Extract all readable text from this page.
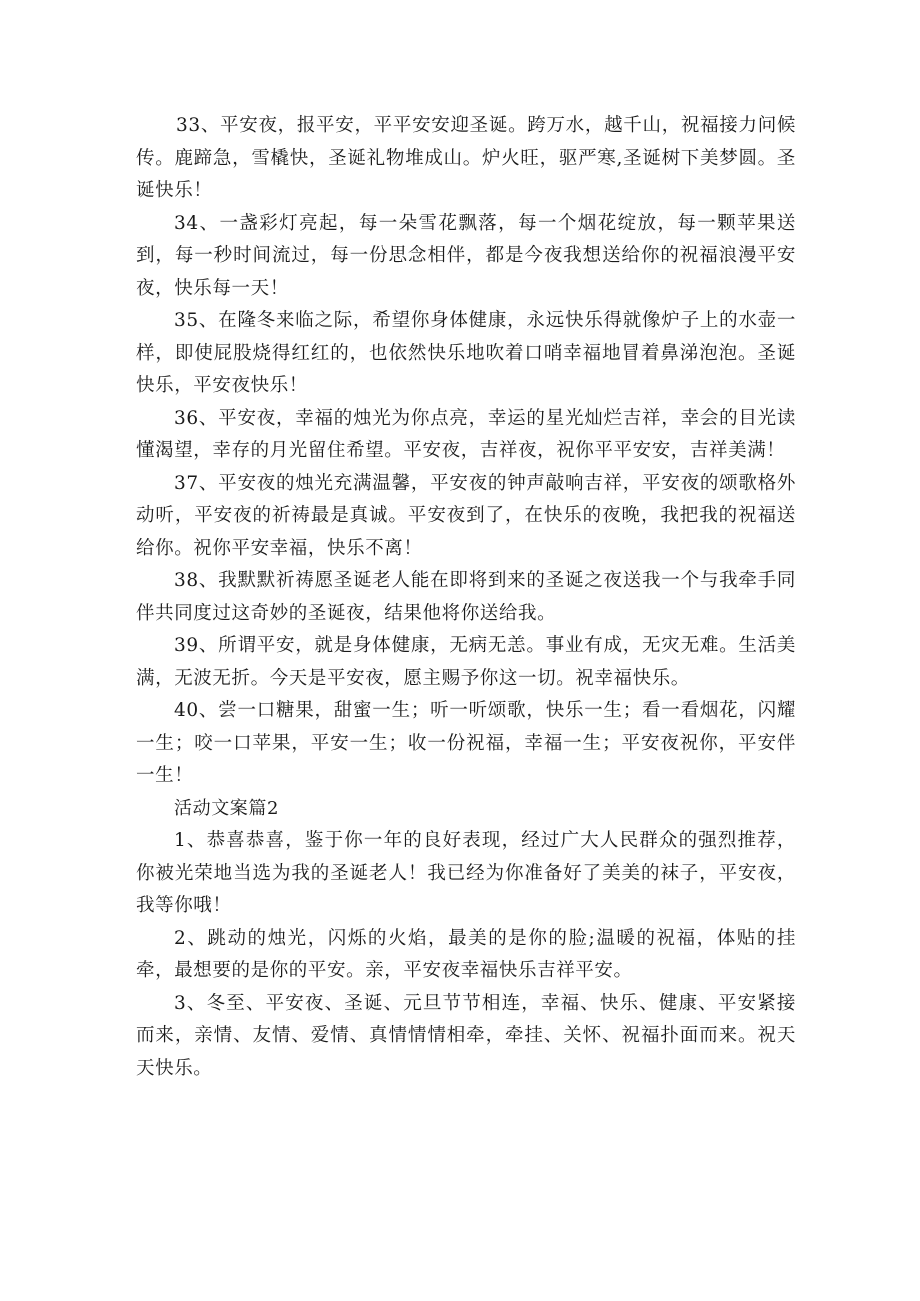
33、平安夜，报平安，平平安安迎圣诞。跨万水，越千山，祝福接力问候传。鹿蹄急，雪橇快，圣诞礼物堆成山。炉火旺，驱严寒,圣诞树下美梦圆。圣诞快乐！

34、一盏彩灯亮起，每一朵雪花飘落，每一个烟花绽放，每一颗苹果送到，每一秒时间流过，每一份思念相伴，都是今夜我想送给你的祝福浪漫平安夜，快乐每一天！

35、在隆冬来临之际，希望你身体健康，永远快乐得就像炉子上的水壶一样，即使屁股烧得红红的，也依然快乐地吹着口哨幸福地冒着鼻涕泡泡。圣诞快乐，平安夜快乐！

36、平安夜，幸福的烛光为你点亮，幸运的星光灿烂吉祥，幸会的目光读懂渴望，幸存的月光留住希望。平安夜，吉祥夜，祝你平平安安，吉祥美满！

37、平安夜的烛光充满温馨，平安夜的钟声敲响吉祥，平安夜的颂歌格外动听，平安夜的祈祷最是真诚。平安夜到了，在快乐的夜晚，我把我的祝福送给你。祝你平安幸福，快乐不离！

38、我默默祈祷愿圣诞老人能在即将到来的圣诞之夜送我一个与我牵手同伴共同度过这奇妙的圣诞夜，结果他将你送给我。

39、所谓平安，就是身体健康，无病无恙。事业有成，无灾无难。生活美满，无波无折。今天是平安夜，愿主赐予你这一切。祝幸福快乐。

40、尝一口糖果，甜蜜一生；听一听颂歌，快乐一生；看一看烟花，闪耀一生；咬一口苹果，平安一生；收一份祝福，幸福一生；平安夜祝你，平安伴一生！

活动文案篇2

1、恭喜恭喜，鉴于你一年的良好表现，经过广大人民群众的强烈推荐，你被光荣地当选为我的圣诞老人！我已经为你准备好了美美的袜子，平安夜，我等你哦！

2、跳动的烛光，闪烁的火焰，最美的是你的脸;温暖的祝福，体贴的挂牵，最想要的是你的平安。亲，平安夜幸福快乐吉祥平安。

3、冬至、平安夜、圣诞、元旦节节相连，幸福、快乐、健康、平安紧接而来，亲情、友情、爱情、真情情情相牵，牵挂、关怀、祝福扑面而来。祝天天快乐。
